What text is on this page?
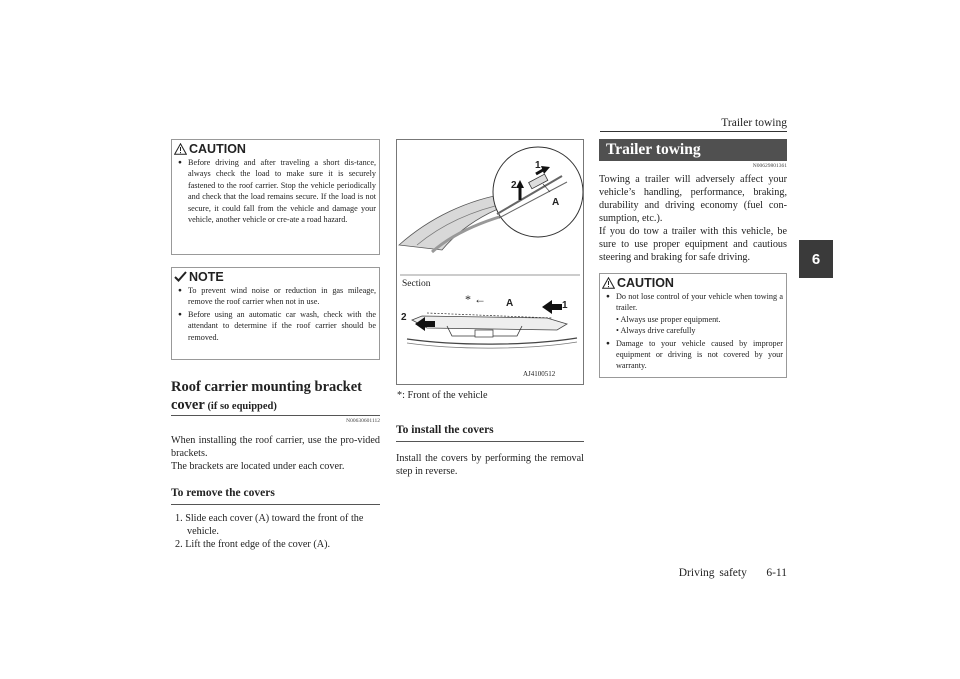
Trailer towing
6
CAUTION
● Before driving and after traveling a short dis-tance, always check the load to make sure it is securely fastened to the roof carrier. Stop the vehicle periodically and check that the load remains secure. If the load is not secure, it could fall from the vehicle and damage your vehicle, another vehicle or cre-ate a road hazard.
NOTE
● To prevent wind noise or reduction in gas mileage, remove the roof carrier when not in use.
● Before using an automatic car wash, check with the attendant to determine if the roof carrier should be removed.
Roof carrier mounting bracket cover (if so equipped)
N00630601112
When installing the roof carrier, use the pro-vided brackets.
The brackets are located under each cover.
To remove the covers
1. Slide each cover (A) toward the front of the vehicle.
2. Lift the front edge of the cover (A).
1
2
A
Section
* ← A	1
2
AJ4100512
*: Front of the vehicle
To install the covers
Install the covers by performing the removal step in reverse.
Trailer towing
N00629801361
Towing a trailer will adversely affect your vehicle’s handling, performance, braking, durability and driving economy (fuel con-sumption, etc.).
If you do tow a trailer with this vehicle, be sure to use proper equipment and cautious steering and braking for safe driving.
CAUTION
● Do not lose control of your vehicle when towing a trailer.
• Always use proper equipment.
• Always drive carefully
● Damage to your vehicle caused by improper equipment or driving is not covered by your warranty.
Driving safety 6-11
